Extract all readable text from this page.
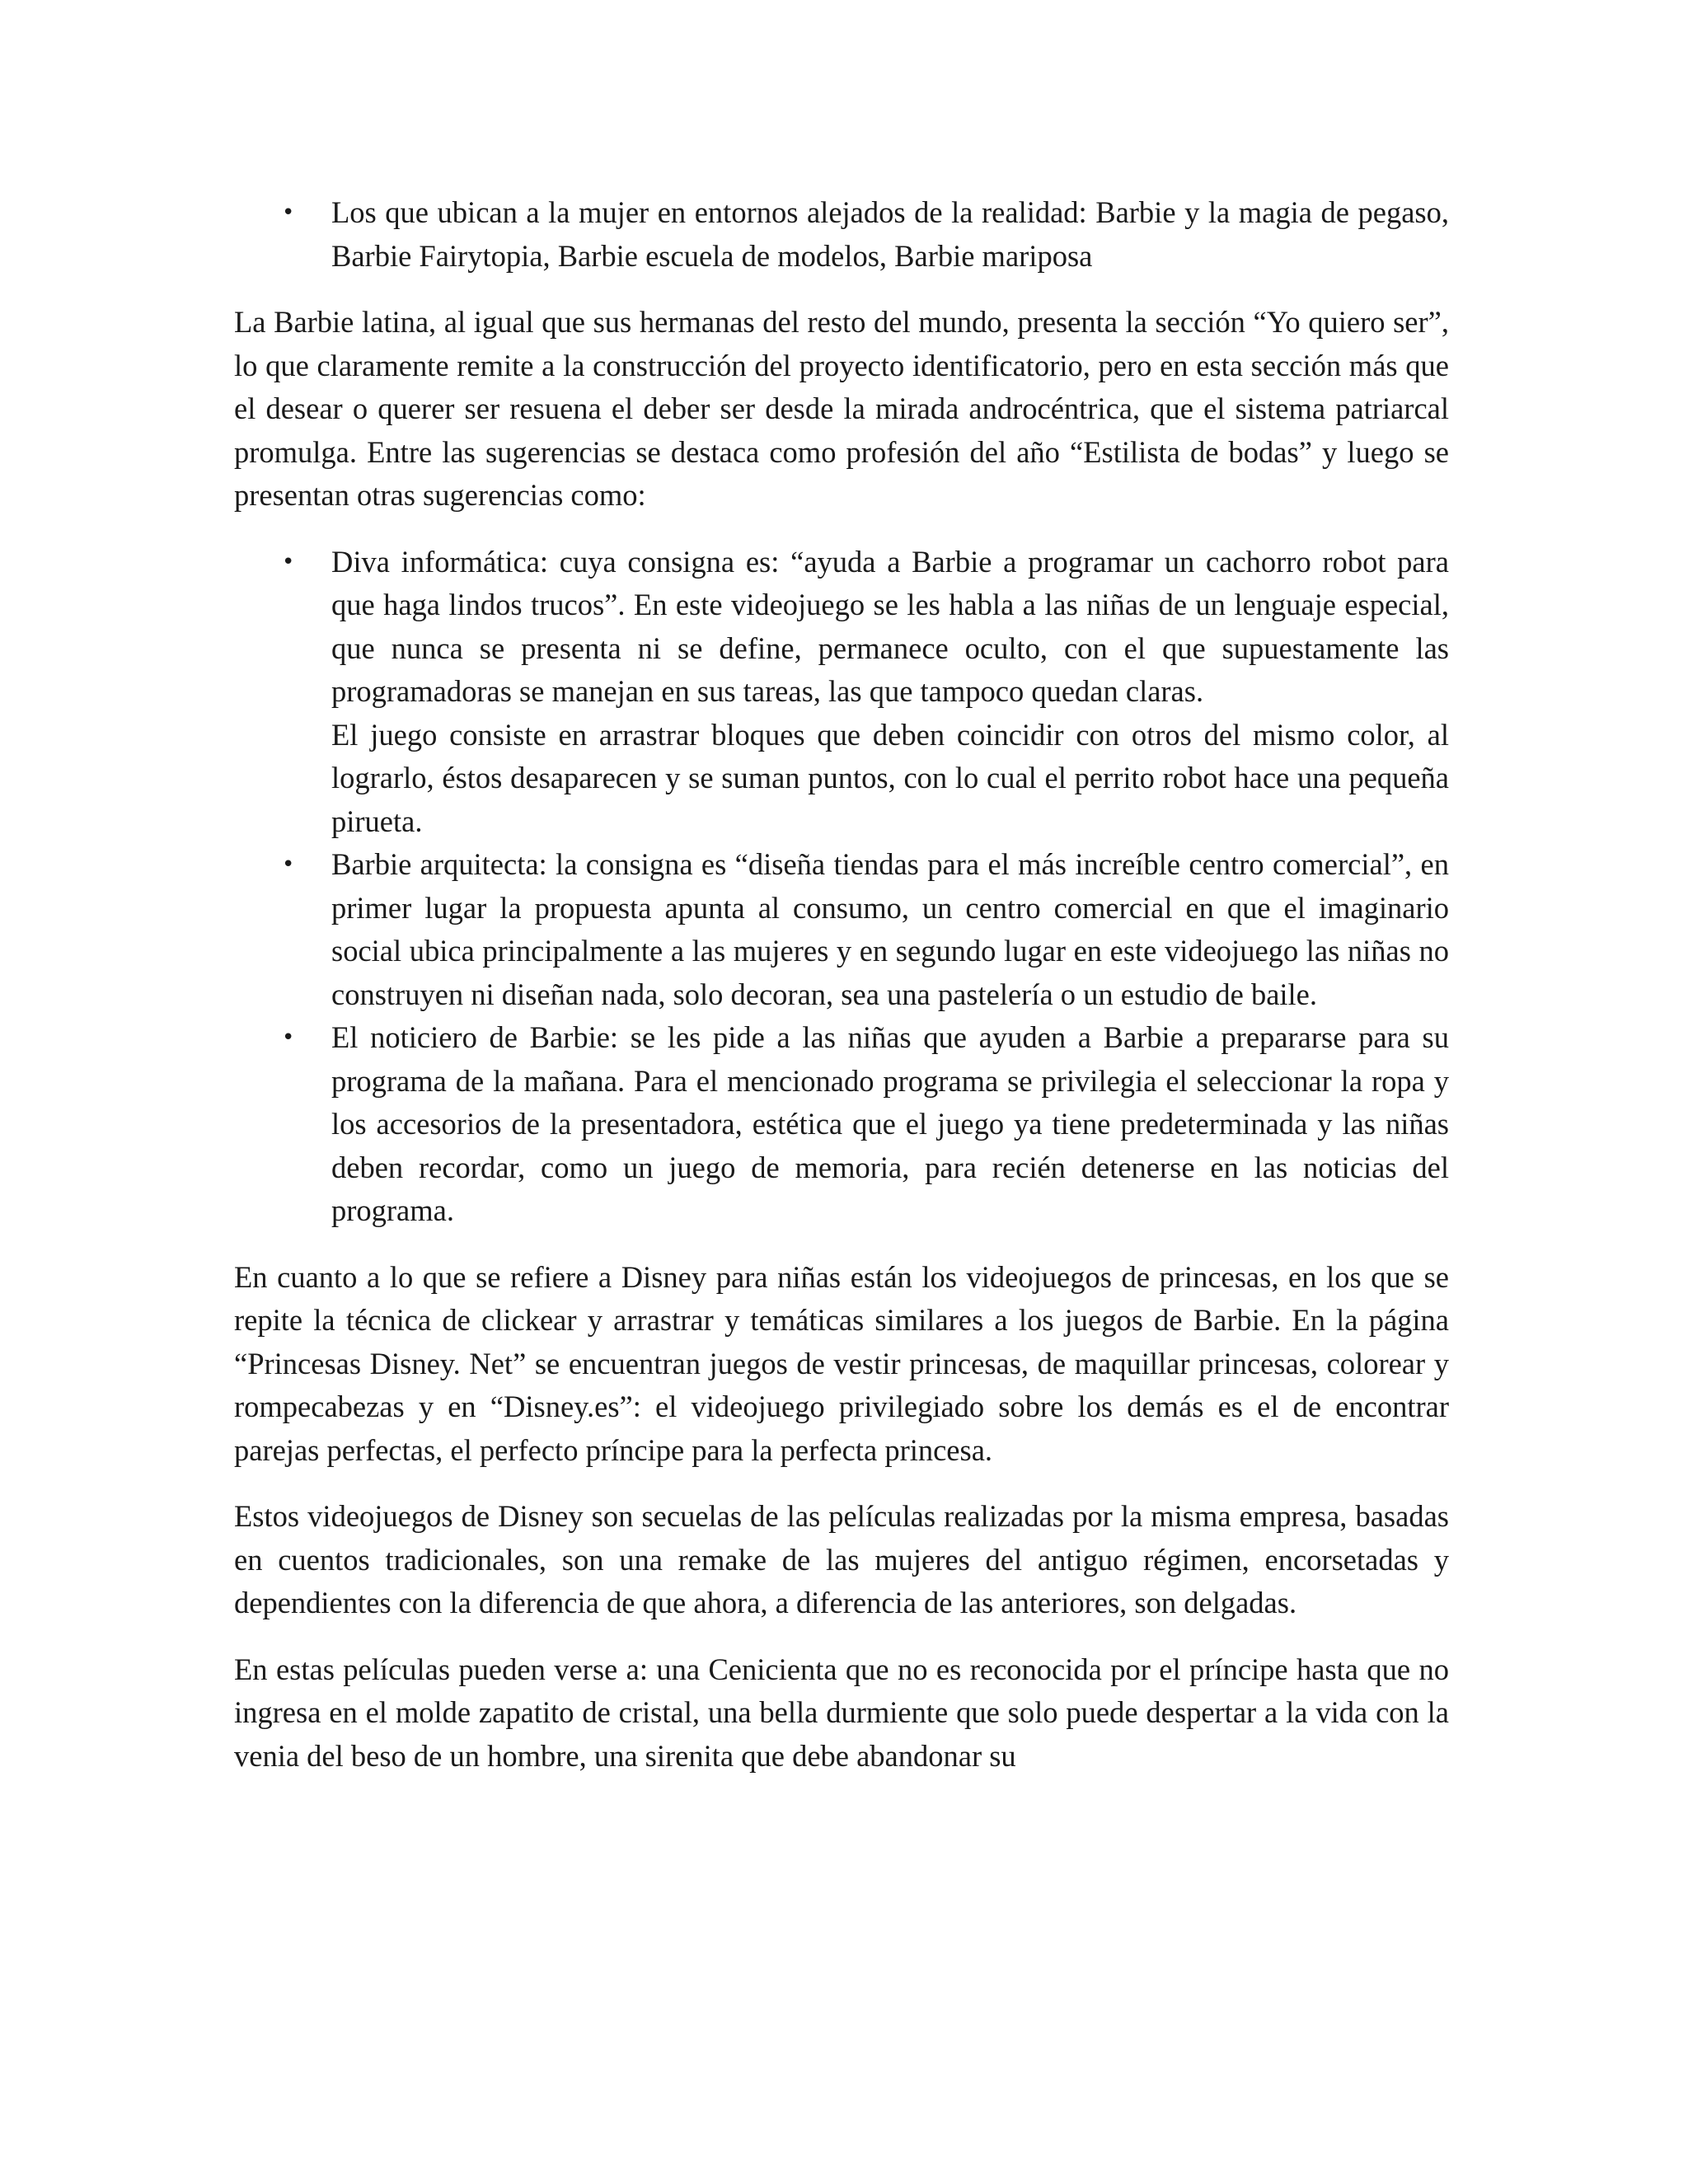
• Los que ubican a la mujer en entornos alejados de la realidad: Barbie y la magia de pegaso, Barbie Fairytopia, Barbie escuela de modelos, Barbie mariposa

La Barbie latina, al igual que sus hermanas del resto del mundo, presenta la sección “Yo quiero ser”, lo que claramente remite a la construcción del proyecto identificatorio, pero en esta sección más que el desear o querer ser resuena el deber ser desde la mirada androcéntrica, que el sistema patriarcal promulga. Entre las sugerencias se destaca como profesión del año “Estilista de bodas” y luego se presentan otras sugerencias como:

• Diva informática: cuya consigna es: “ayuda a Barbie a programar un cachorro robot para que haga lindos trucos”. En este videojuego se les habla a las niñas de un lenguaje especial, que nunca se presenta ni se define, permanece oculto, con el que supuestamente las programadoras se manejan en sus tareas, las que tampoco quedan claras.
El juego consiste en arrastrar bloques que deben coincidir con otros del mismo color, al lograrlo, éstos desaparecen y se suman puntos, con lo cual el perrito robot hace una pequeña pirueta.
• Barbie arquitecta: la consigna es “diseña tiendas para el más increíble centro comercial”, en primer lugar la propuesta apunta al consumo, un centro comercial en que el imaginario social ubica principalmente a las mujeres y en segundo lugar en este videojuego las niñas no construyen ni diseñan nada, solo decoran, sea una pastelería o un estudio de baile.
• El noticiero de Barbie: se les pide a las niñas que ayuden a Barbie a prepararse para su programa de la mañana. Para el mencionado programa se privilegia el seleccionar la ropa y los accesorios de la presentadora, estética que el juego ya tiene predeterminada y las niñas deben recordar, como un juego de memoria, para recién detenerse en las noticias del programa.

En cuanto a lo que se refiere a Disney para niñas están los videojuegos de princesas, en los que se repite la técnica de clickear y arrastrar y temáticas similares a los juegos de Barbie. En la página “Princesas Disney. Net” se encuentran juegos de vestir princesas, de maquillar princesas, colorear y rompecabezas y en “Disney.es”: el videojuego privilegiado sobre los demás es el de encontrar parejas perfectas, el perfecto príncipe para la perfecta princesa.

Estos videojuegos de Disney son secuelas de las películas realizadas por la misma empresa, basadas en cuentos tradicionales, son una remake de las mujeres del antiguo régimen, encorsetadas y dependientes con la diferencia de que ahora, a diferencia de las anteriores, son delgadas.

En estas películas pueden verse a: una Cenicienta que no es reconocida por el príncipe hasta que no ingresa en el molde zapatito de cristal, una bella durmiente que solo puede despertar a la vida con la venia del beso de un hombre, una sirenita que debe abandonar su
